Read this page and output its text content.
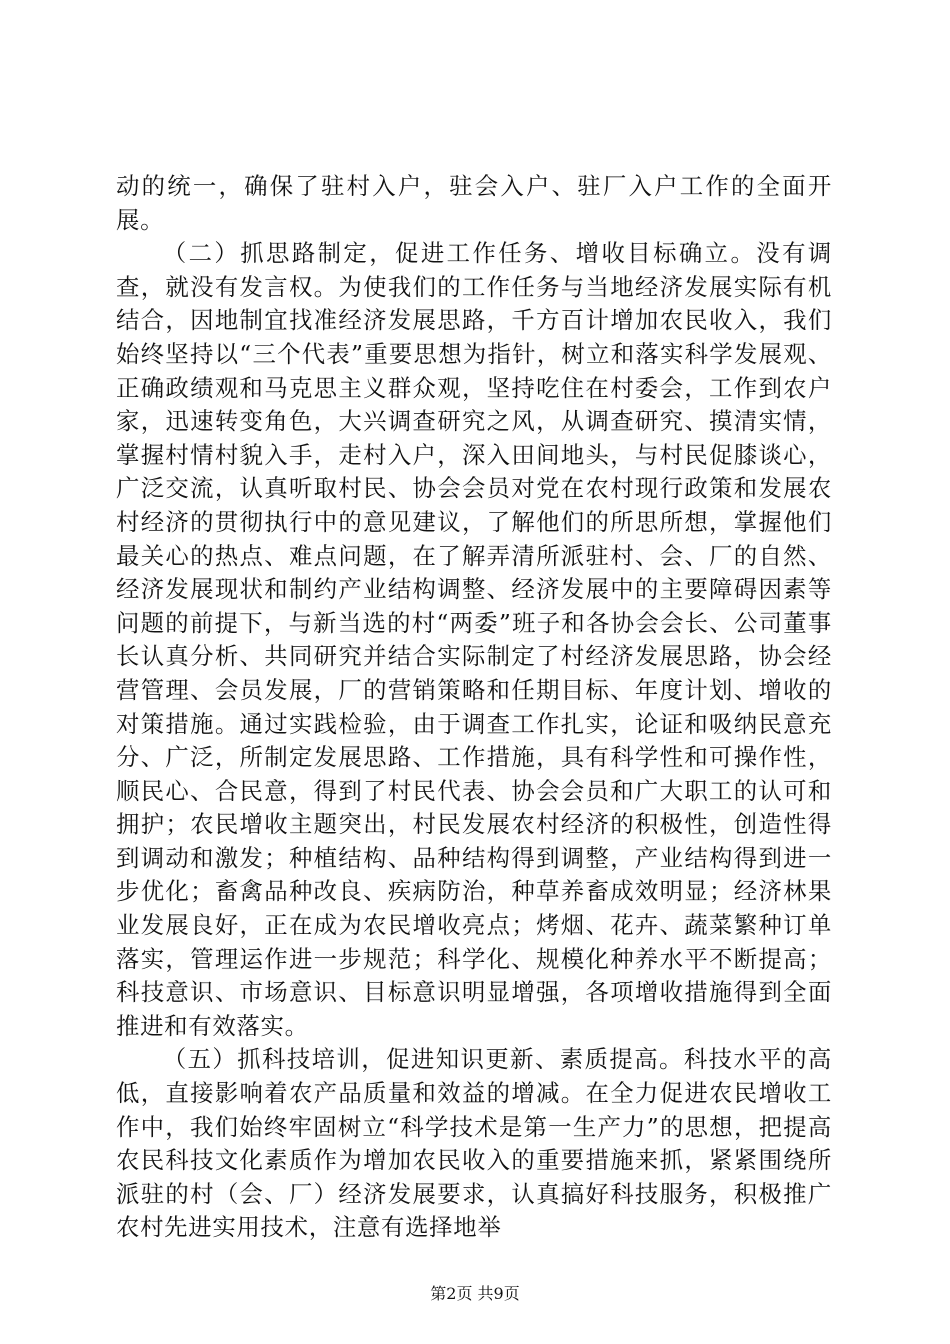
动的统一，确保了驻村入户，驻会入户、驻厂入户工作的全面开展。

（二）抓思路制定，促进工作任务、增收目标确立。没有调查，就没有发言权。为使我们的工作任务与当地经济发展实际有机结合，因地制宜找准经济发展思路，千方百计增加农民收入，我们始终坚持以“三个代表”重要思想为指针，树立和落实科学发展观、正确政绩观和马克思主义群众观，坚持吃住在村委会，工作到农户家，迅速转变角色，大兴调查研究之风，从调查研究、摸清实情，掌握村情村貌入手，走村入户，深入田间地头，与村民促膝谈心，广泛交流，认真听取村民、协会会员对党在农村现行政策和发展农村经济的贯彻执行中的意见建议，了解他们的所思所想，掌握他们最关心的热点、难点问题，在了解弄清所派驻村、会、厂的自然、经济发展现状和制约产业结构调整、经济发展中的主要障碍因素等问题的前提下，与新当选的村“两委”班子和各协会会长、公司董事长认真分析、共同研究并结合实际制定了村经济发展思路，协会经营管理、会员发展，厂的营销策略和任期目标、年度计划、增收的对策措施。通过实践检验，由于调查工作扎实，论证和吸纳民意充分、广泛，所制定发展思路、工作措施，具有科学性和可操作性，顺民心、合民意，得到了村民代表、协会会员和广大职工的认可和拥护；农民增收主题突出，村民发展农村经济的积极性，创造性得到调动和激发；种植结构、品种结构得到调整，产业结构得到进一步优化；畜禽品种改良、疾病防治，种草养畜成效明显；经济林果业发展良好，正在成为农民增收亮点；烤烟、花卉、蔬菜繁种订单落实，管理运作进一步规范；科学化、规模化种养水平不断提高；科技意识、市场意识、目标意识明显增强，各项增收措施得到全面推进和有效落实。

（五）抓科技培训，促进知识更新、素质提高。科技水平的高低，直接影响着农产品质量和效益的增减。在全力促进农民增收工作中，我们始终牢固树立“科学技术是第一生产力”的思想，把提高农民科技文化素质作为增加农民收入的重要措施来抓，紧紧围绕所派驻的村（会、厂）经济发展要求，认真搞好科技服务，积极推广农村先进实用技术，注意有选择地举

第2页 共9页
